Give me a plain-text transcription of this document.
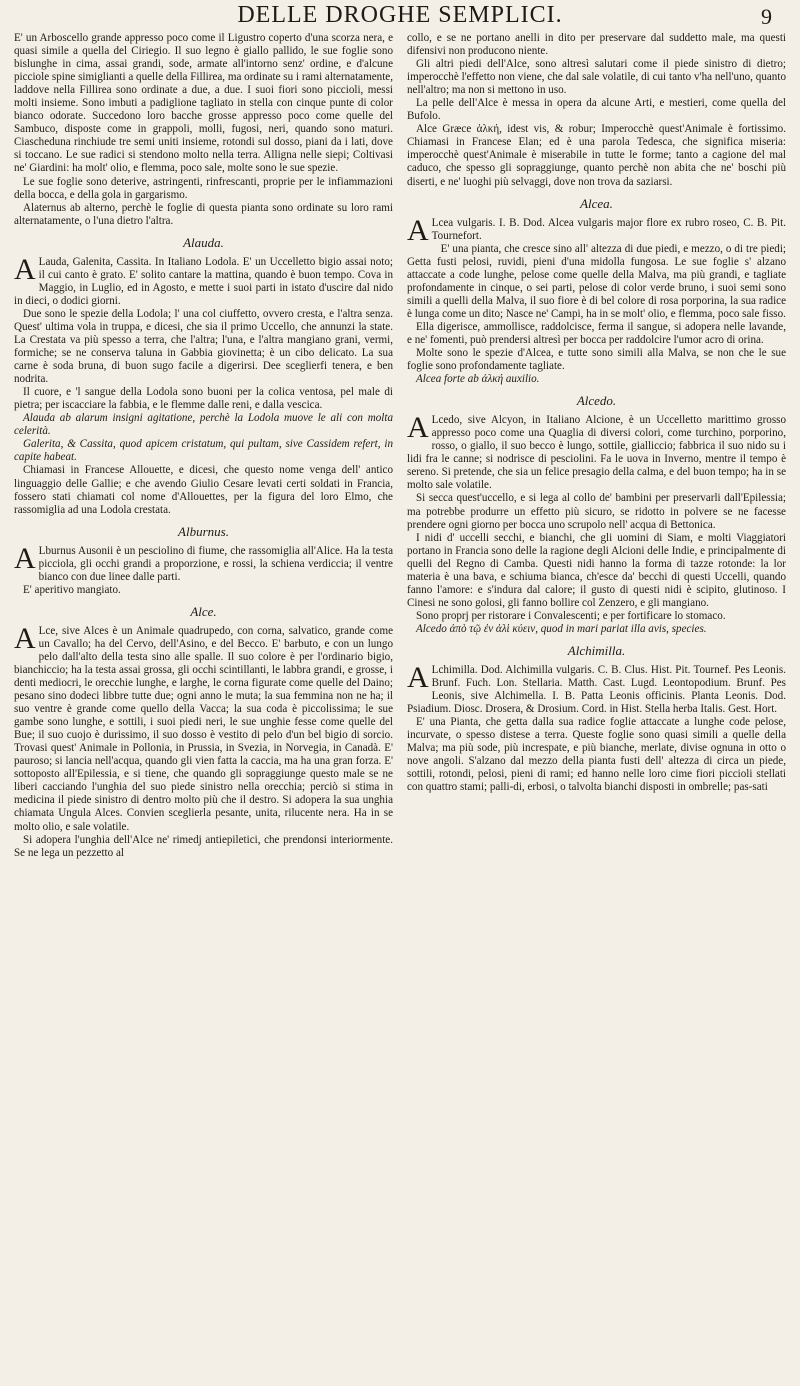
DELLE DROGHE SEMPLICI.	9

E' un Arboscello grande appresso poco come il Ligustro coperto d'una scorza nera, e quasi simile a quella del Ciriegio. Il suo legno è giallo pallido, le sue foglie sono bislunghe in cima, assai grandi, sode, armate all'intorno senz' ordine, e d'alcune picciole spine simiglianti a quelle della Fillirea, ma ordinate su i rami alternatamente, laddove nella Fillirea sono ordinate a due, a due. I suoi fiori sono piccioli, messi molti insieme. Sono imbuti a padiglione tagliato in stella con cinque punte di color bianco odorate. Succedono loro bacche grosse appresso poco come quelle del Sambuco, disposte come in grappoli, molli, fugosi, neri, quando sono maturi. Ciascheduna rinchiude tre semi uniti insieme, rotondi sul dosso, piani da i lati, dove si toccano. Le sue radici si stendono molto nella terra. Alligna nelle siepi; Coltivasi ne' Giardini: ha molt' olio, e flemma, poco sale, molte sono le sue spezie.

Le sue foglie sono deterive, astringenti, rinfrescanti, proprie per le infiammazioni della bocca, e della gola in gargarismo.

Alaternus ab alterno, perchè le foglie di questa pianta sono ordinate su loro rami alternatamente, o l'una dietro l'altra.

Alauda.

A Lauda, Galenita, Cassita. In Italiano Lodola. E' un Uccelletto bigio assai noto; il cui canto è grato. E' solito cantare la mattina, quando è buon tempo. Cova in Maggio, in Luglio, ed in Agosto, e mette i suoi parti in istato d'uscire dal nido in dieci, o dodici giorni.

Due sono le spezie della Lodola; l' una col ciuffetto, ovvero cresta, e l'altra senza. Quest' ultima vola in truppa, e dicesi, che sia il primo Uccello, che annunzi la state. La Crestata va più spesso a terra, che l'altra; l'una, e l'altra mangiano grani, vermi, formiche; se ne conserva taluna in Gabbia giovinetta; è un cibo delicato. La sua carne è soda bruna, di buon sugo facile a digerirsi. Dee sceglierfi tenera, e ben nodrita.

Il cuore, e 'l sangue della Lodola sono buoni per la colica ventosa, pel male di pietra; per iscacciare la fabbia, e le flemme dalle reni, e dalla vescica.

Alauda ab alarum insigni agitatione, perchè la Lodola muove le ali con molta celerità.

Galerita, & Cassita, quod apicem cristatum, qui pultam, sive Cassidem refert, in capite habeat.

Chiamasi in Francese Allouette, e dicesi, che questo nome venga dell' antico linguaggio delle Gallie; e che avendo Giulio Cesare levati certi soldati in Francia, fossero stati chiamati col nome d'Allouettes, per la figura del loro Elmo, che rassomiglia ad una Lodola crestata.

Alburnus.

A Lburnus Ausonii è un pesciolino di fiume, che rassomiglia all'Alice. Ha la testa picciola, gli occhi grandi a proporzione, e rossi, la schiena verdiccia; il ventre bianco con due linee dalle parti.

E' aperitivo mangiato.

Alce.

A Lce, sive Alces è un Animale quadrupedo, con corna, salvatico, grande come un Cavallo; ha del Cervo, dell'Asino, e del Becco. E' barbuto, e con un lungo pelo dall'alto della testa sino alle spalle. Il suo colore è per l'ordinario bigio, bianchiccio; ha la testa assai grossa, gli occhi scintillanti, le labbra grandi, e grosse, i denti mediocri, le orecchie lunghe, e larghe, le corna figurate come quelle del Daino; pesano sino dodeci libbre tutte due; ogni anno le muta; la sua femmina non ne ha; il suo ventre è grande come quello della Vacca; la sua coda è piccolissima; le sue gambe sono lunghe, e sottili, i suoi piedi neri, le sue unghie fesse come quelle del Bue; il suo cuojo è durissimo, il suo dosso è vestito di pelo d'un bel bigio di sorcio. Trovasi quest' Animale in Pollonia, in Prussia, in Svezia, in Norvegia, in Canadà. E' pauroso; si lancia nell'acqua, quando gli vien fatta la caccia, ma ha una gran forza. E' sottoposto all'Epilessia, e si tiene, che quando gli sopraggiunge questo male se ne liberi cacciando l'unghia del suo piede sinistro nella orecchia; perciò si stima in medicina il piede sinistro di dentro molto più che il destro. Si adopera la sua unghia chiamata Ungula Alces. Convien sceglierla pesante, unita, rilucente nera. Ha in se molto olio, e sale volatile.

Si adopera l'unghia dell'Alce ne' rimedj antiepiletici, che prendonsi interiormente. Se ne lega un pezzetto al

collo, e se ne portano anelli in dito per preservare dal suddetto male, ma questi difensivi non producono niente.

Gli altri piedi dell'Alce, sono altresì salutari come il piede sinistro di dietro; imperocchè l'effetto non viene, che dal sale volatile, di cui tanto v'ha nell'uno, quanto nell'altro; ma non si mettono in uso.

La pelle dell'Alce è messa in opera da alcune Arti, e mestieri, come quella del Bufolo.

Alce Græce ἀλκή, idest vis, & robur; Imperocchè quest'Animale è fortissimo. Chiamasi in Francese Elan; ed è una parola Tedesca, che significa miseria: imperocchè quest'Animale è miserabile in tutte le forme; tanto a cagione del mal caduco, che spesso gli sopraggiunge, quanto perchè non abita che ne' boschi più diserti, e ne' luoghi più selvaggi, dove non trova da saziarsi.

Alcea.

A Lcea vulgaris. I. B. Dod. Alcea vulgaris major flore ex rubro roseo, C. B. Pit. Tournefort.

E' una pianta, che cresce sino all' altezza di due piedi, e mezzo, o di tre piedi; Getta fusti pelosi, ruvidi, pieni d'una midolla fungosa. Le sue foglie s' alzano attaccate a code lunghe, pelose come quelle della Malva, ma più grandi, e tagliate profondamente in cinque, o sei parti, pelose di color verde bruno, i suoi semi sono simili a quelli della Malva, il suo fiore è di bel colore di rosa porporina, la sua radice è lunga come un dito; Nasce ne' Campi, ha in se molt' olio, e flemma, poco sale fisso.

Ella digerisce, ammollisce, raddolcisce, ferma il sangue, si adopera nelle lavande, e ne' fomenti, può prendersi altresì per bocca per raddolcire l'umor acro di orina.

Molte sono le spezie d'Alcea, e tutte sono simili alla Malva, se non che le sue foglie sono profondamente tagliate.

Alcea forte ab ἀλκή auxilio.

Alcedo.

A Lcedo, sive Alcyon, in Italiano Alcione, è un Uccelletto marittimo grosso appresso poco come una Quaglia di diversi colori, come turchino, porporino, rosso, o giallo, il suo becco è lungo, sottile, gialliccio; fabbrica il suo nido su i lidi fra le canne; si nodrisce di pesciolini. Fa le uova in Inverno, mentre il tempo è sereno. Si pretende, che sia un felice presagio della calma, e del buon tempo; ha in se molto sale volatile.

Si secca quest'uccello, e si lega al collo de' bambini per preservarli dall'Epilessia; ma potrebbe produrre un effetto più sicuro, se ridotto in polvere se ne facesse prendere ogni giorno per bocca uno scrupolo nell' acqua di Bettonica.

I nidi d' uccelli secchi, e bianchi, che gli uomini di Siam, e molti Viaggiatori portano in Francia sono delle la ragione degli Alcioni delle Indie, e principalmente di quelli del Regno di Camba. Questi nidi hanno la forma di tazze rotonde: la lor materia è una bava, e schiuma bianca, ch'esce da' becchi di questi Uccelli, quando fanno l'amore: e s'indura dal calore; il gusto di questi nidi è scipito, glutinoso. I Cinesi ne sono golosi, gli fanno bollire col Zenzero, e gli mangiano.

Sono proprj per ristorare i Convalescenti; e per fortificare lo stomaco.

Alcedo ἀπὸ τῷ ἐν ἁλὶ κύειν, quod in mari pariat illa avis, species.

Alchimilla.

A Lchimilla. Dod. Alchimilla vulgaris. C. B. Clus. Hist. Pit. Tournef. Pes Leonis. Brunf. Fuch. Lon. Stellaria. Matth. Cast. Lugd. Leontopodium. Brunf. Pes Leonis, sive Alchimella. I. B. Patta Leonis officinis. Planta Leonis. Dod. Psiadium. Diosc. Drosera, & Drosium. Cord. in Hist. Stella herba Italis. Gest. Hort.

E' una Pianta, che getta dalla sua radice foglie attaccate a lunghe code pelose, incurvate, o spesso distese a terra. Queste foglie sono quasi simili a quelle della Malva; ma più sode, più increspate, e più bianche, merlate, divise ognuna in otto o nove angoli. S'alzano dal mezzo della pianta fusti dell' altezza di circa un piede, sottili, rotondi, pelosi, pieni di rami; ed hanno nelle loro cime fiori piccioli stellati con quattro stami; palli-di, erbosi, o talvolta bianchi disposti in ombrelle; pas-sati
